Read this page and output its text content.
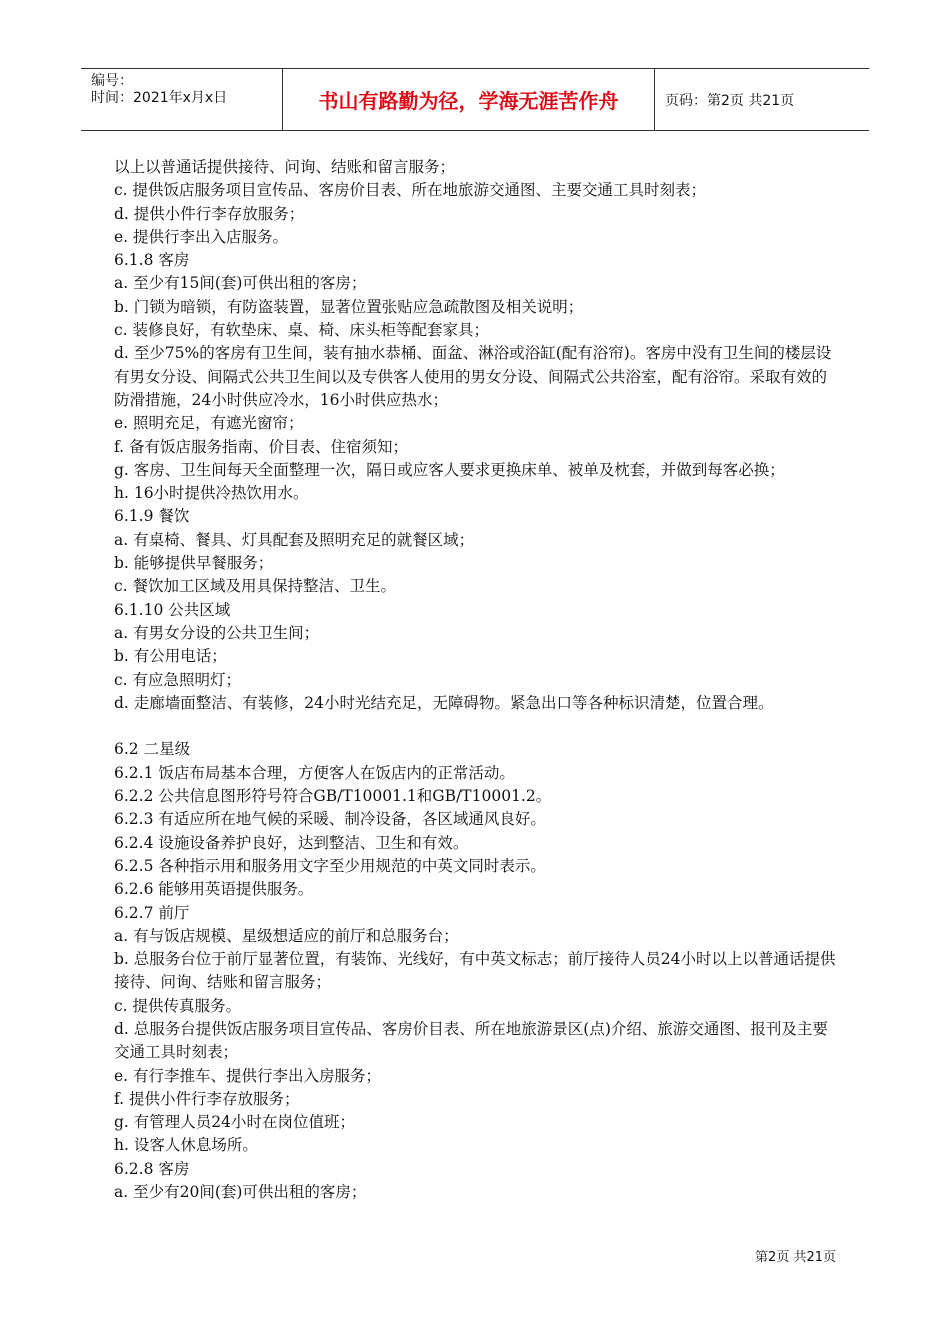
编号：
时间：2021年x月x日	书山有路勤为径，学海无涯苦作舟	页码：第2页 共21页
以上以普通话提供接待、问询、结账和留言服务；
c. 提供饭店服务项目宣传品、客房价目表、所在地旅游交通图、主要交通工具时刻表；
d. 提供小件行李存放服务；
e. 提供行李出入店服务。
6.1.8 客房
a. 至少有15间(套)可供出租的客房；
b. 门锁为暗锁，有防盗装置，显著位置张贴应急疏散图及相关说明；
c. 装修良好，有软垫床、桌、椅、床头柜等配套家具；
d. 至少75%的客房有卫生间，装有抽水恭桶、面盆、淋浴或浴缸(配有浴帘)。客房中没有卫生间的楼层设有男女分设、间隔式公共卫生间以及专供客人使用的男女分设、间隔式公共浴室，配有浴帘。采取有效的防滑措施，24小时供应冷水，16小时供应热水；
e. 照明充足，有遮光窗帘；
f. 备有饭店服务指南、价目表、住宿须知；
g. 客房、卫生间每天全面整理一次，隔日或应客人要求更换床单、被单及枕套，并做到每客必换；
h. 16小时提供冷热饮用水。
6.1.9 餐饮
a. 有桌椅、餐具、灯具配套及照明充足的就餐区域；
b. 能够提供早餐服务；
c. 餐饮加工区域及用具保持整洁、卫生。
6.1.10 公共区域
a. 有男女分设的公共卫生间；
b. 有公用电话；
c. 有应急照明灯；
d. 走廊墙面整洁、有装修，24小时光结充足，无障碍物。紧急出口等各种标识清楚，位置合理。
6.2 二星级
6.2.1 饭店布局基本合理，方便客人在饭店内的正常活动。
6.2.2 公共信息图形符号符合GB/T10001.1和GB/T10001.2。
6.2.3 有适应所在地气候的采暖、制冷设备，各区域通风良好。
6.2.4 设施设备养护良好，达到整洁、卫生和有效。
6.2.5 各种指示用和服务用文字至少用规范的中英文同时表示。
6.2.6 能够用英语提供服务。
6.2.7 前厅
a. 有与饭店规模、星级想适应的前厅和总服务台；
b. 总服务台位于前厅显著位置，有装饰、光线好，有中英文标志；前厅接待人员24小时以上以普通话提供接待、问询、结账和留言服务；
c. 提供传真服务。
d. 总服务台提供饭店服务项目宣传品、客房价目表、所在地旅游景区(点)介绍、旅游交通图、报刊及主要交通工具时刻表；
e. 有行李推车、提供行李出入房服务；
f. 提供小件行李存放服务；
g. 有管理人员24小时在岗位值班；
h. 设客人休息场所。
6.2.8 客房
a. 至少有20间(套)可供出租的客房；
第2页 共21页
